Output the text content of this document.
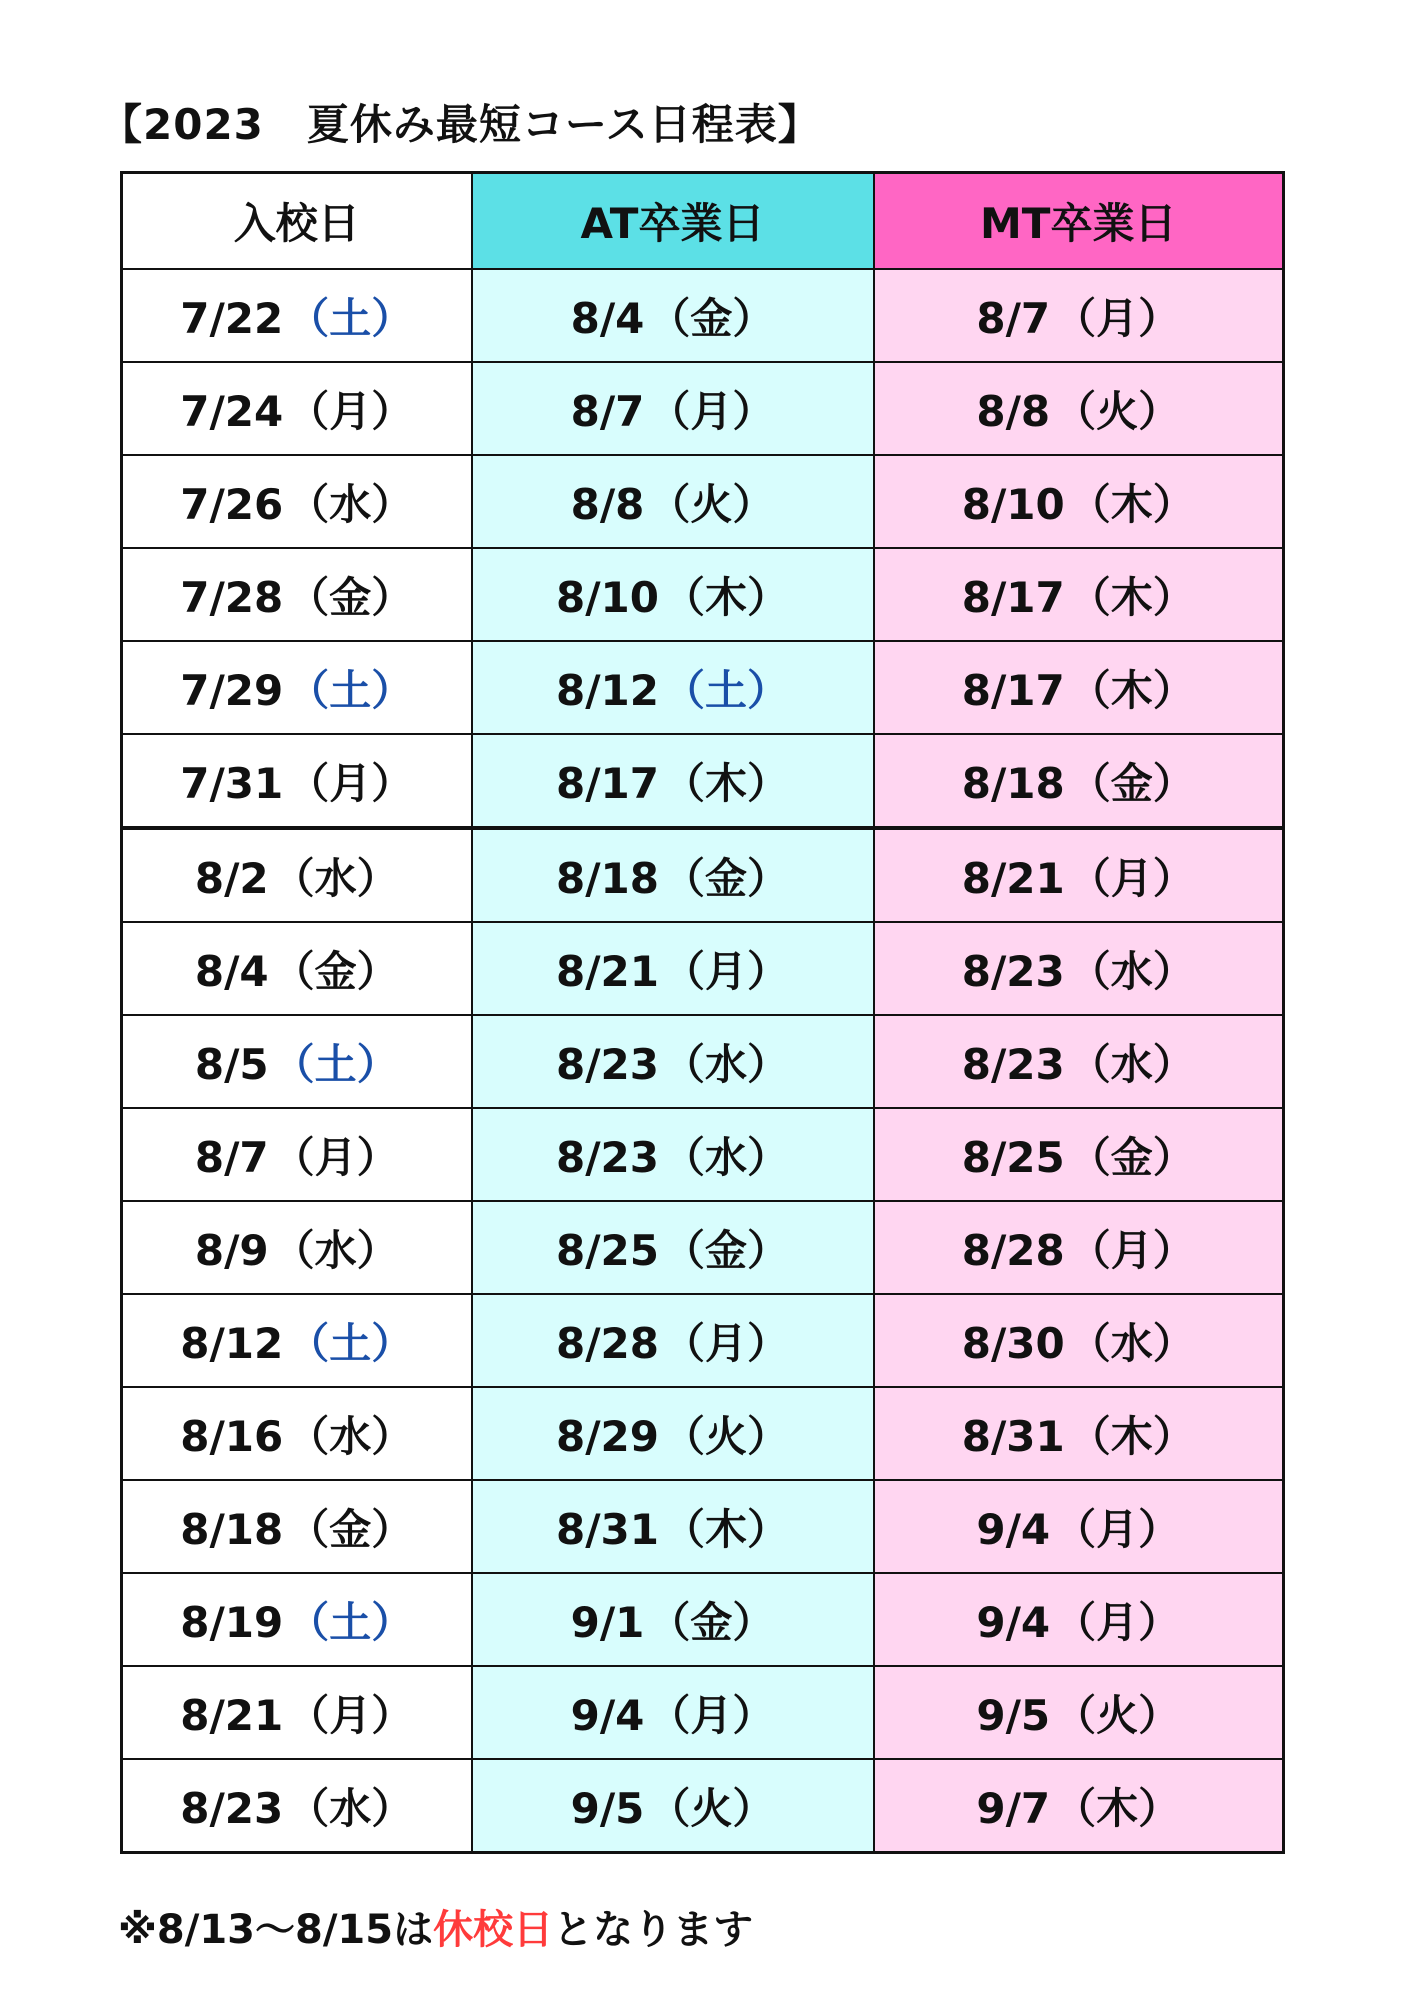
【2023　夏休み最短コース日程表】
入校日	AT卒業日	MT卒業日
7/22（土）	8/4（金）	8/7（月）
7/24（月）	8/7（月）	8/8（火）
7/26（水）	8/8（火）	8/10（木）
7/28（金）	8/10（木）	8/17（木）
7/29（土）	8/12（土）	8/17（木）
7/31（月）	8/17（木）	8/18（金）
8/2（水）	8/18（金）	8/21（月）
8/4（金）	8/21（月）	8/23（水）
8/5（土）	8/23（水）	8/23（水）
8/7（月）	8/23（水）	8/25（金）
8/9（水）	8/25（金）	8/28（月）
8/12（土）	8/28（月）	8/30（水）
8/16（水）	8/29（火）	8/31（木）
8/18（金）	8/31（木）	9/4（月）
8/19（土）	9/1（金）	9/4（月）
8/21（月）	9/4（月）	9/5（火）
8/23（水）	9/5（火）	9/7（木）
※8/13～8/15は休校日となります
